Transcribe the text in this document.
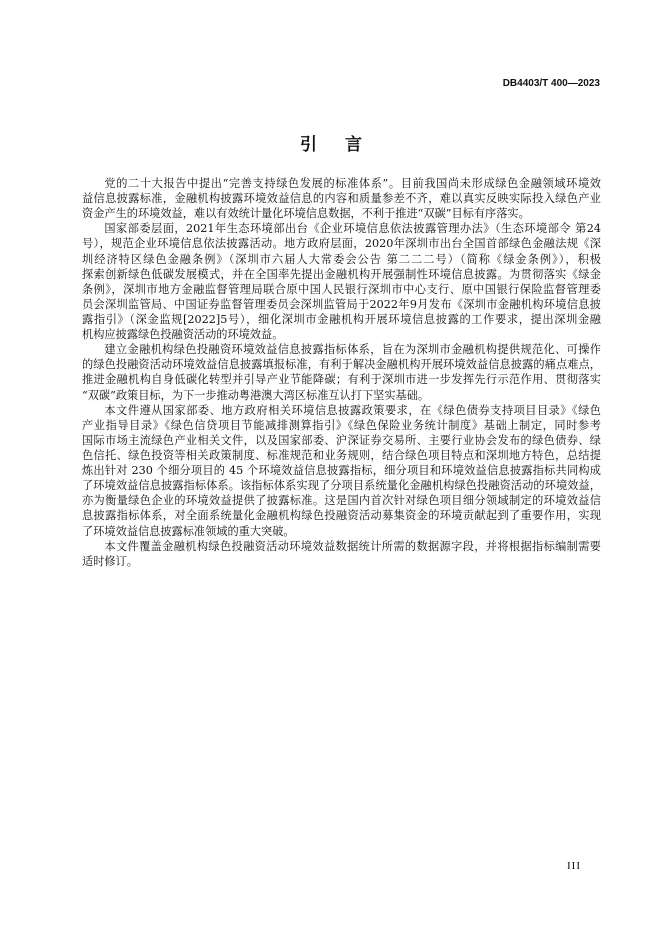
DB4403/T 400—2023
引 言
党的二十大报告中提出“完善支持绿色发展的标准体系”。目前我国尚未形成绿色金融领域环境效
益信息披露标准，金融机构披露环境效益信息的内容和质量参差不齐，难以真实反映实际投入绿色产业
资金产生的环境效益，难以有效统计量化环境信息数据，不利于推进“双碳”目标有序落实。
国家部委层面，2021年生态环境部出台《企业环境信息依法披露管理办法》（生态环境部令 第24
号），规范企业环境信息依法披露活动。地方政府层面，2020年深圳市出台全国首部绿色金融法规《深
圳经济特区绿色金融条例》（深圳市六届人大常委会公告 第二二二号）（简称《绿金条例》），积极
探索创新绿色低碳发展模式，并在全国率先提出金融机构开展强制性环境信息披露。为贯彻落实《绿金
条例》，深圳市地方金融监督管理局联合原中国人民银行深圳市中心支行、原中国银行保险监督管理委
员会深圳监管局、中国证券监督管理委员会深圳监管局于2022年9月发布《深圳市金融机构环境信息披
露指引》（深金监规[2022]5号），细化深圳市金融机构开展环境信息披露的工作要求，提出深圳金融
机构应披露绿色投融资活动的环境效益。
建立金融机构绿色投融资环境效益信息披露指标体系，旨在为深圳市金融机构提供规范化、可操作
的绿色投融资活动环境效益信息披露填报标准，有利于解决金融机构开展环境效益信息披露的痛点难点，
推进金融机构自身低碳化转型并引导产业节能降碳；有利于深圳市进一步发挥先行示范作用、贯彻落实
“双碳”政策目标，为下一步推动粤港澳大湾区标准互认打下坚实基础。
本文件遵从国家部委、地方政府相关环境信息披露政策要求，在《绿色债券支持项目目录》《绿色
产业指导目录》《绿色信贷项目节能减排测算指引》《绿色保险业务统计制度》基础上制定，同时参考
国际市场主流绿色产业相关文件，以及国家部委、沪深证券交易所、主要行业协会发布的绿色债券、绿
色信托、绿色投资等相关政策制度、标准规范和业务规则，结合绿色项目特点和深圳地方特色，总结提
炼出针对 230 个细分项目的 45 个环境效益信息披露指标，细分项目和环境效益信息披露指标共同构成
了环境效益信息披露指标体系。该指标体系实现了分项目系统量化金融机构绿色投融资活动的环境效益，
亦为衡量绿色企业的环境效益提供了披露标准。这是国内首次针对绿色项目细分领域制定的环境效益信
息披露指标体系，对全面系统量化金融机构绿色投融资活动募集资金的环境贡献起到了重要作用，实现
了环境效益信息披露标准领域的重大突破。
本文件覆盖金融机构绿色投融资活动环境效益数据统计所需的数据源字段，并将根据指标编制需要
适时修订。
III
